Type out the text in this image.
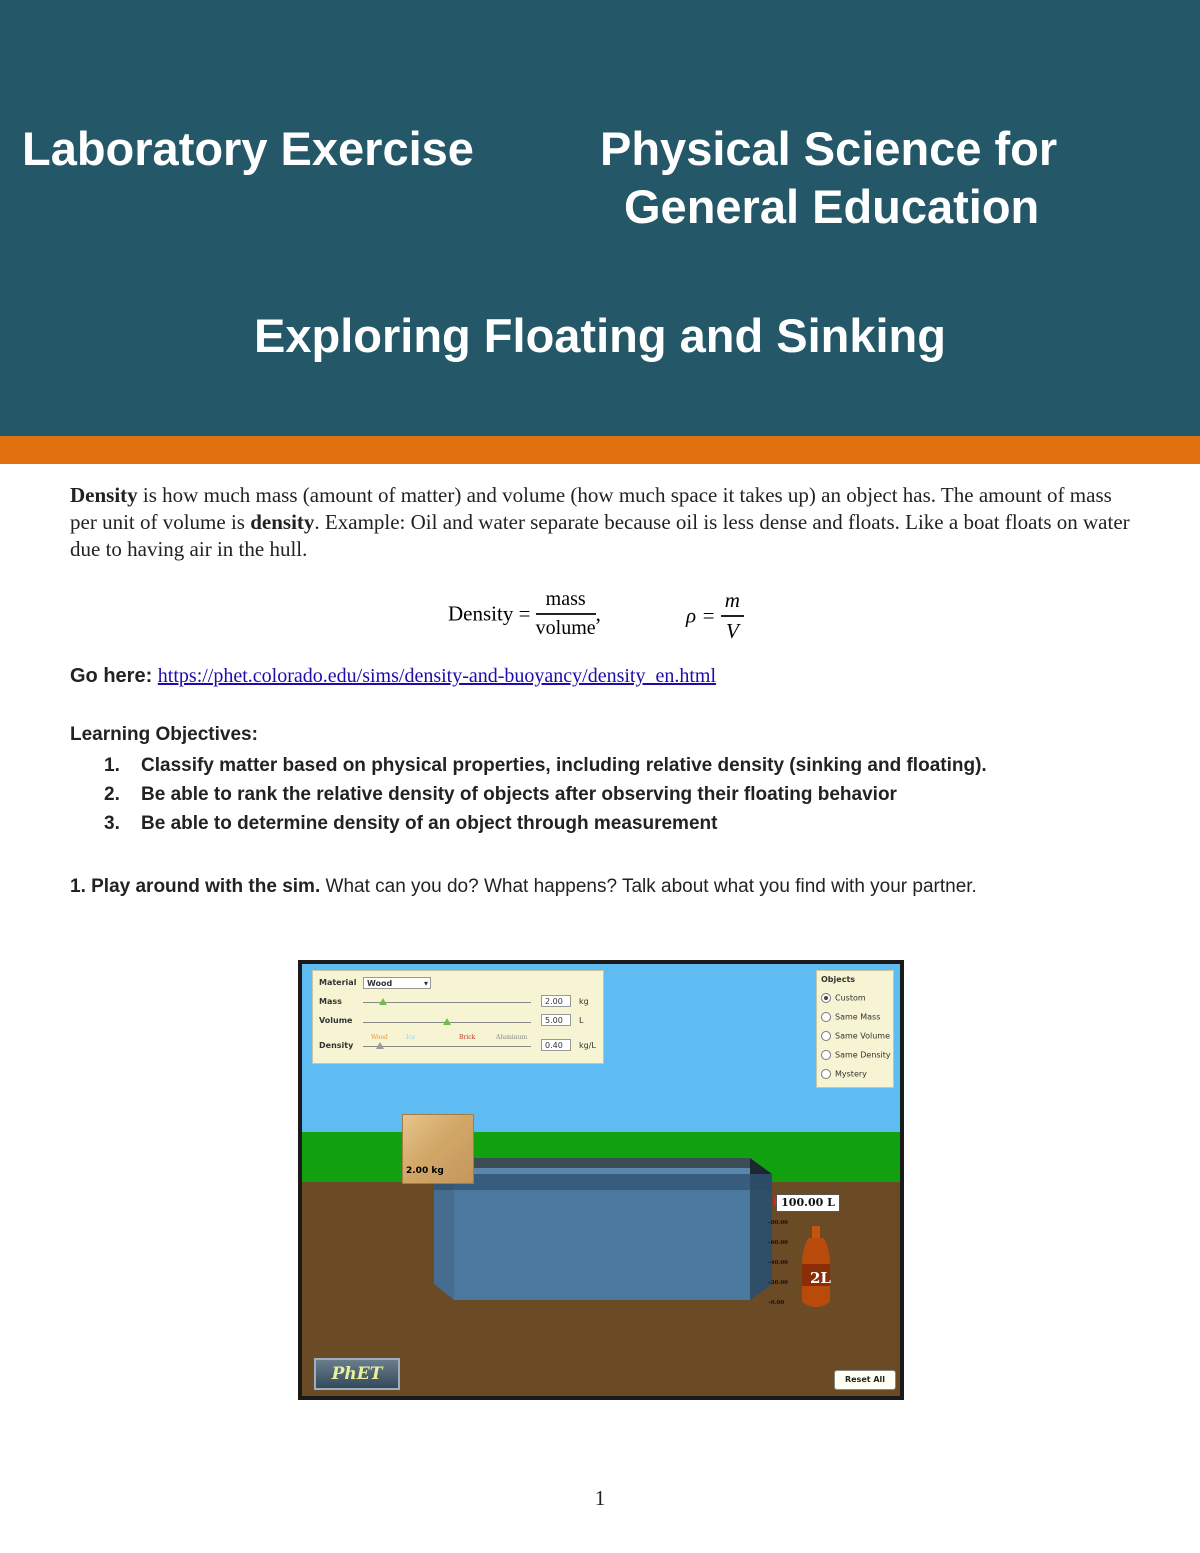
Laboratory Exercise	Physical Science for
General Education
Exploring Floating and Sinking
Density is how much mass (amount of matter) and volume (how much space it takes up) an object has. The amount of mass per unit of volume is density. Example: Oil and water separate because oil is less dense and floats. Like a boat floats on water due to having air in the hull.
Density = $\frac{\text{mass}}{\text{volume}}$ ,	$\rho = \frac{m}{V}$
Go here: https://phet.colorado.edu/sims/density-and-buoyancy/density_en.html
Learning Objectives:
1. Classify matter based on physical properties, including relative density (sinking and floating).
2. Be able to rank the relative density of objects after observing their floating behavior
3. Be able to determine density of an object through measurement
1. Play around with the sim. What can you do? What happens? Talk about what you find with your partner.
Material	Wood	▾
Mass	2.00	kg
Volume	5.00	L
Density
Wood	Ice	Brick	Aluminum
0.40	kg/L
Objects
Custom
Same Mass
Same Volume
Same Density
Mystery
2.00 kg
100.00 L
–80.00
–60.00
–40.00
–20.00
–0.00
2L
PhET	Reset All
1
